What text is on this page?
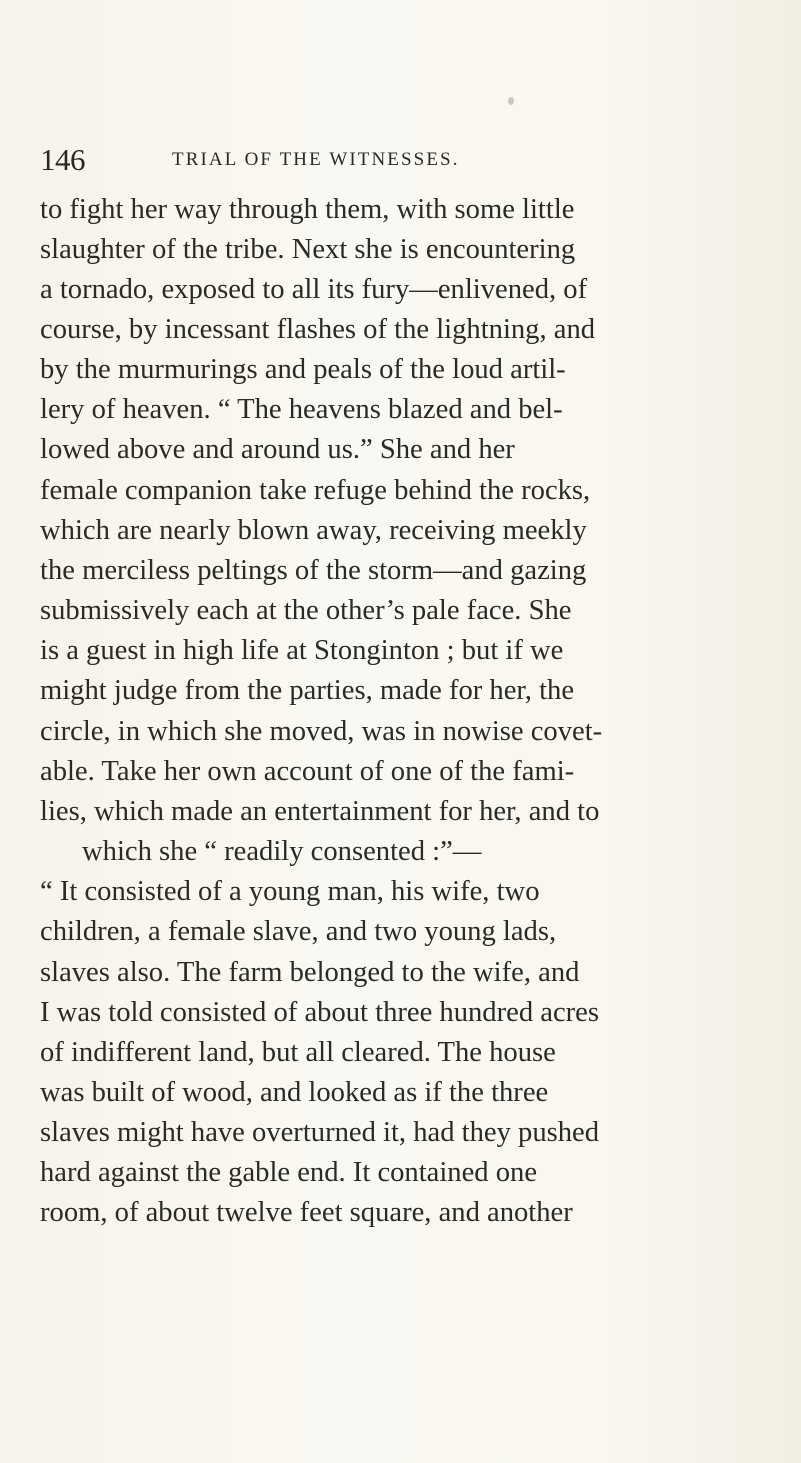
146	TRIAL OF THE WITNESSES.
to fight her way through them, with some little
slaughter of the tribe. Next she is encountering
a tornado, exposed to all its fury—enlivened, of
course, by incessant flashes of the lightning, and
by the murmurings and peals of the loud artil-
lery of heaven. “ The heavens blazed and bel-
lowed above and around us.” She and her
female companion take refuge behind the rocks,
which are nearly blown away, receiving meekly
the merciless peltings of the storm—and gazing
submissively each at the other’s pale face. She
is a guest in high life at Stonginton ; but if we
might judge from the parties, made for her, the
circle, in which she moved, was in nowise covet-
able. Take her own account of one of the fami-
lies, which made an entertainment for her, and to
which she “ readily consented :”—
“ It consisted of a young man, his wife, two
children, a female slave, and two young lads,
slaves also. The farm belonged to the wife, and
I was told consisted of about three hundred acres
of indifferent land, but all cleared. The house
was built of wood, and looked as if the three
slaves might have overturned it, had they pushed
hard against the gable end. It contained one
room, of about twelve feet square, and another
